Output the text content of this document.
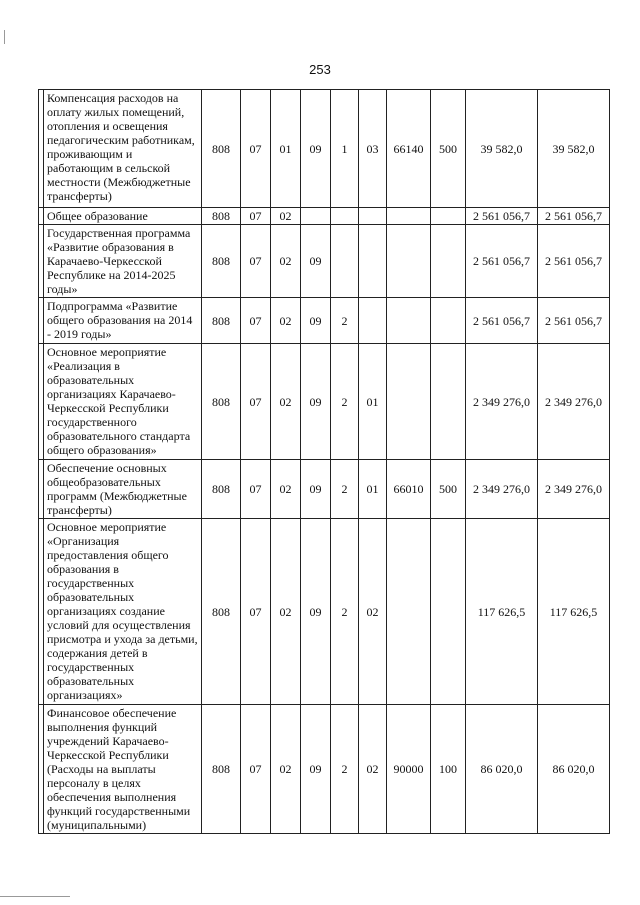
253
	Компенсация расходов на оплату жилых помещений, отопления и освещения педагогическим работникам, проживающим и работающим в сельской местности (Межбюджетные трансферты)	808	07	01	09	1	03	66140	500	39 582,0	39 582,0
	Общее образование	808	07	02						2 561 056,7	2 561 056,7
	Государственная программа «Развитие образования в Карачаево-Черкесской Республике на 2014-2025 годы»	808	07	02	09					2 561 056,7	2 561 056,7
	Подпрограмма «Развитие общего образования на 2014 - 2019 годы»	808	07	02	09	2				2 561 056,7	2 561 056,7
	Основное мероприятие «Реализация в образовательных организациях Карачаево-Черкесской Республики государственного образовательного стандарта общего образования»	808	07	02	09	2	01			2 349 276,0	2 349 276,0
	Обеспечение основных общеобразовательных программ (Межбюджетные трансферты)	808	07	02	09	2	01	66010	500	2 349 276,0	2 349 276,0
	Основное мероприятие «Организация предоставления общего образования в государственных образовательных организациях создание условий для осуществления присмотра и ухода за детьми, содержания детей в государственных образовательных организациях»	808	07	02	09	2	02			117 626,5	117 626,5
	Финансовое обеспечение выполнения функций учреждений Карачаево-Черкесской Республики (Расходы на выплаты персоналу в целях обеспечения выполнения функций государственными (муниципальными)	808	07	02	09	2	02	90000	100	86 020,0	86 020,0
